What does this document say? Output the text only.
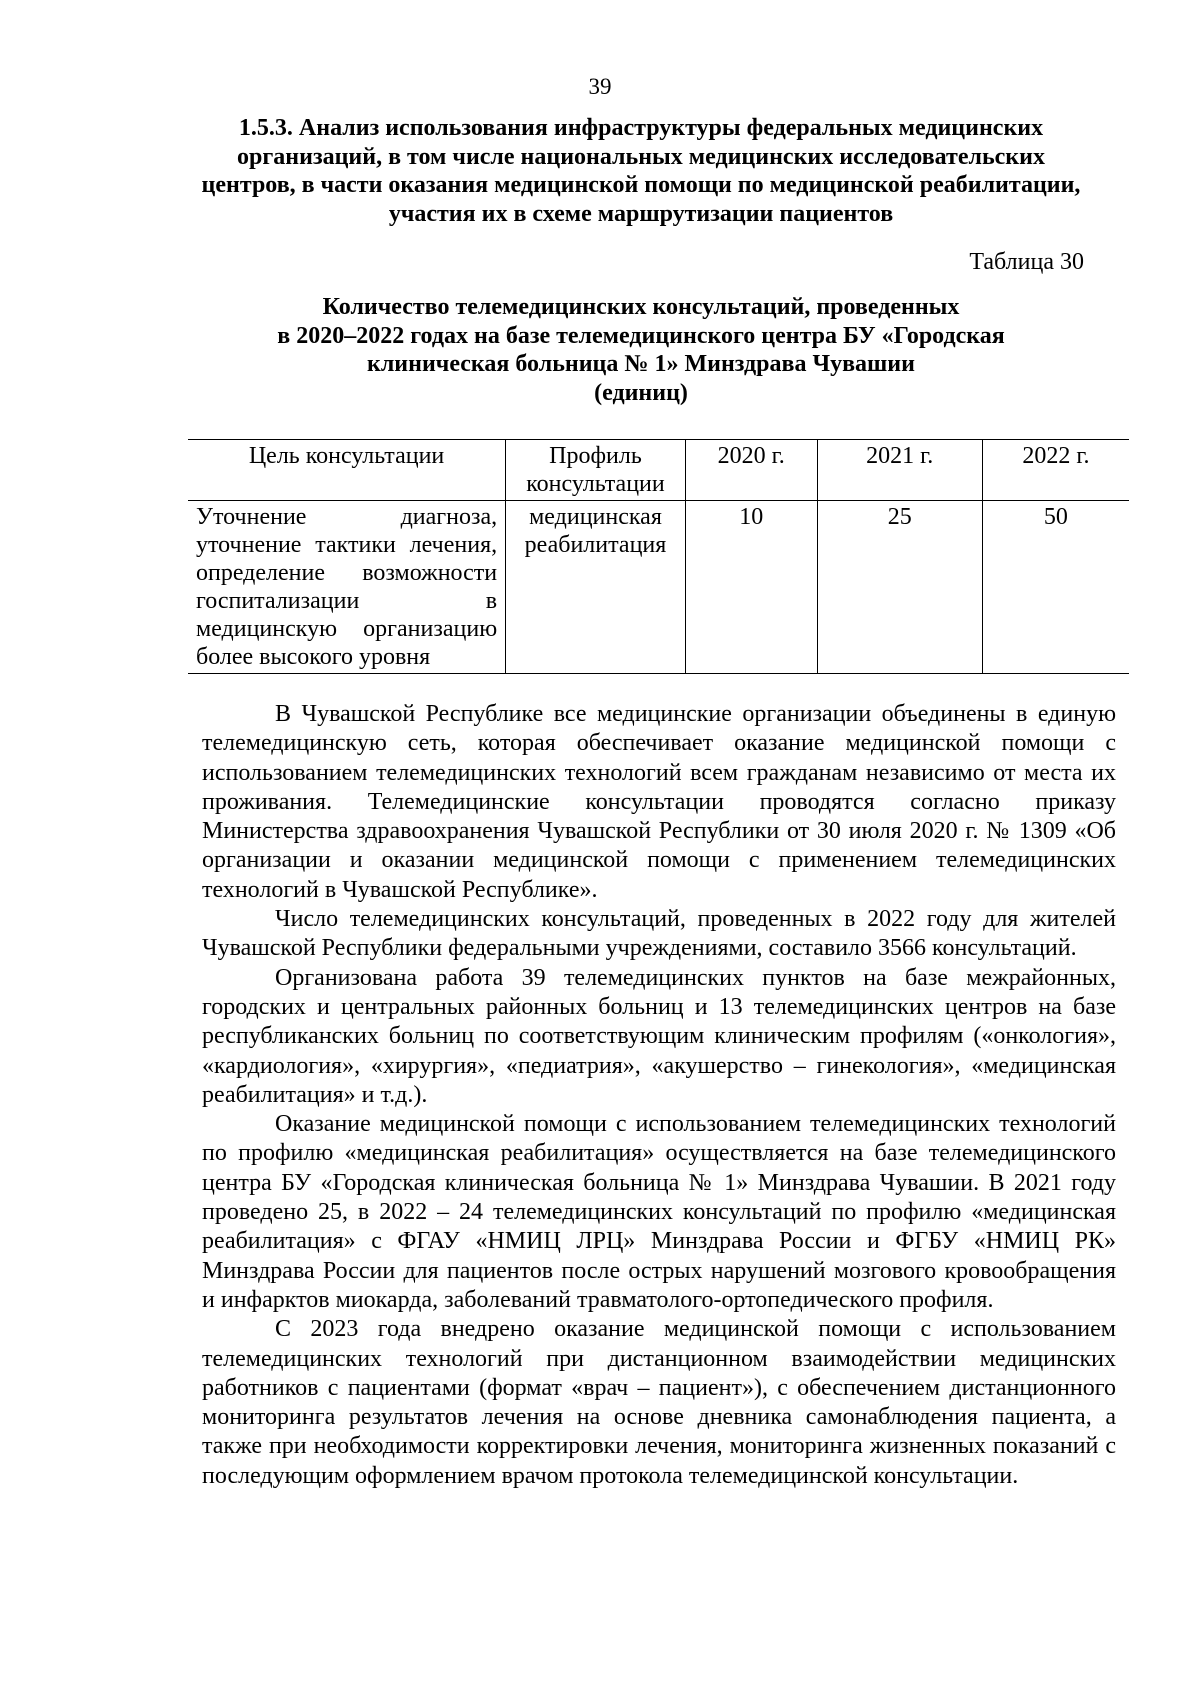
39
1.5.3. Анализ использования инфраструктуры федеральных медицинских организаций, в том числе национальных медицинских исследовательских центров, в части оказания медицинской помощи по медицинской реабилитации, участия их в схеме маршрутизации пациентов
Таблица 30
Количество телемедицинских консультаций, проведенных
в 2020–2022 годах на базе телемедицинского центра БУ «Городская
клиническая больница № 1» Минздрава Чувашии
(единиц)
Цель консультации	Профиль консультации	2020 г.	2021 г.	2022 г.
Уточнение диагноза, уточнение тактики лечения, определение возможности госпитализации в медицинскую организацию более высокого уровня	медицинская реабилитация	10	25	50

В Чувашской Республике все медицинские организации объединены в единую телемедицинскую сеть, которая обеспечивает оказание медицинской помощи с использованием телемедицинских технологий всем гражданам независимо от места их проживания. Телемедицинские консультации проводятся согласно приказу Министерства здравоохранения Чувашской Республики от 30 июля 2020 г. № 1309 «Об организации и оказании медицинской помощи с применением телемедицинских технологий в Чувашской Республике».

Число телемедицинских консультаций, проведенных в 2022 году для жителей Чувашской Республики федеральными учреждениями, составило 3566 консультаций.

Организована работа 39 телемедицинских пунктов на базе межрайонных, городских и центральных районных больниц и 13 телемедицинских центров на базе республиканских больниц по соответствующим клиническим профилям («онкология», «кардиология», «хирургия», «педиатрия», «акушерство – гинекология», «медицинская реабилитация» и т.д.).

Оказание медицинской помощи с использованием телемедицинских технологий по профилю «медицинская реабилитация» осуществляется на базе телемедицинского центра БУ «Городская клиническая больница № 1» Минздрава Чувашии. В 2021 году проведено 25, в 2022 – 24 телемедицинских консультаций по профилю «медицинская реабилитация» с ФГАУ «НМИЦ ЛРЦ» Минздрава России и ФГБУ «НМИЦ РК» Минздрава России для пациентов после острых нарушений мозгового кровообращения и инфарктов миокарда, заболеваний травматолого-ортопедического профиля.

С 2023 года внедрено оказание медицинской помощи с использованием телемедицинских технологий при дистанционном взаимодействии медицинских работников с пациентами (формат «врач – пациент»), с обеспечением дистанционного мониторинга результатов лечения на основе дневника самонаблюдения пациента, а также при необходимости корректировки лечения, мониторинга жизненных показаний с последующим оформлением врачом протокола телемедицинской консультации.
